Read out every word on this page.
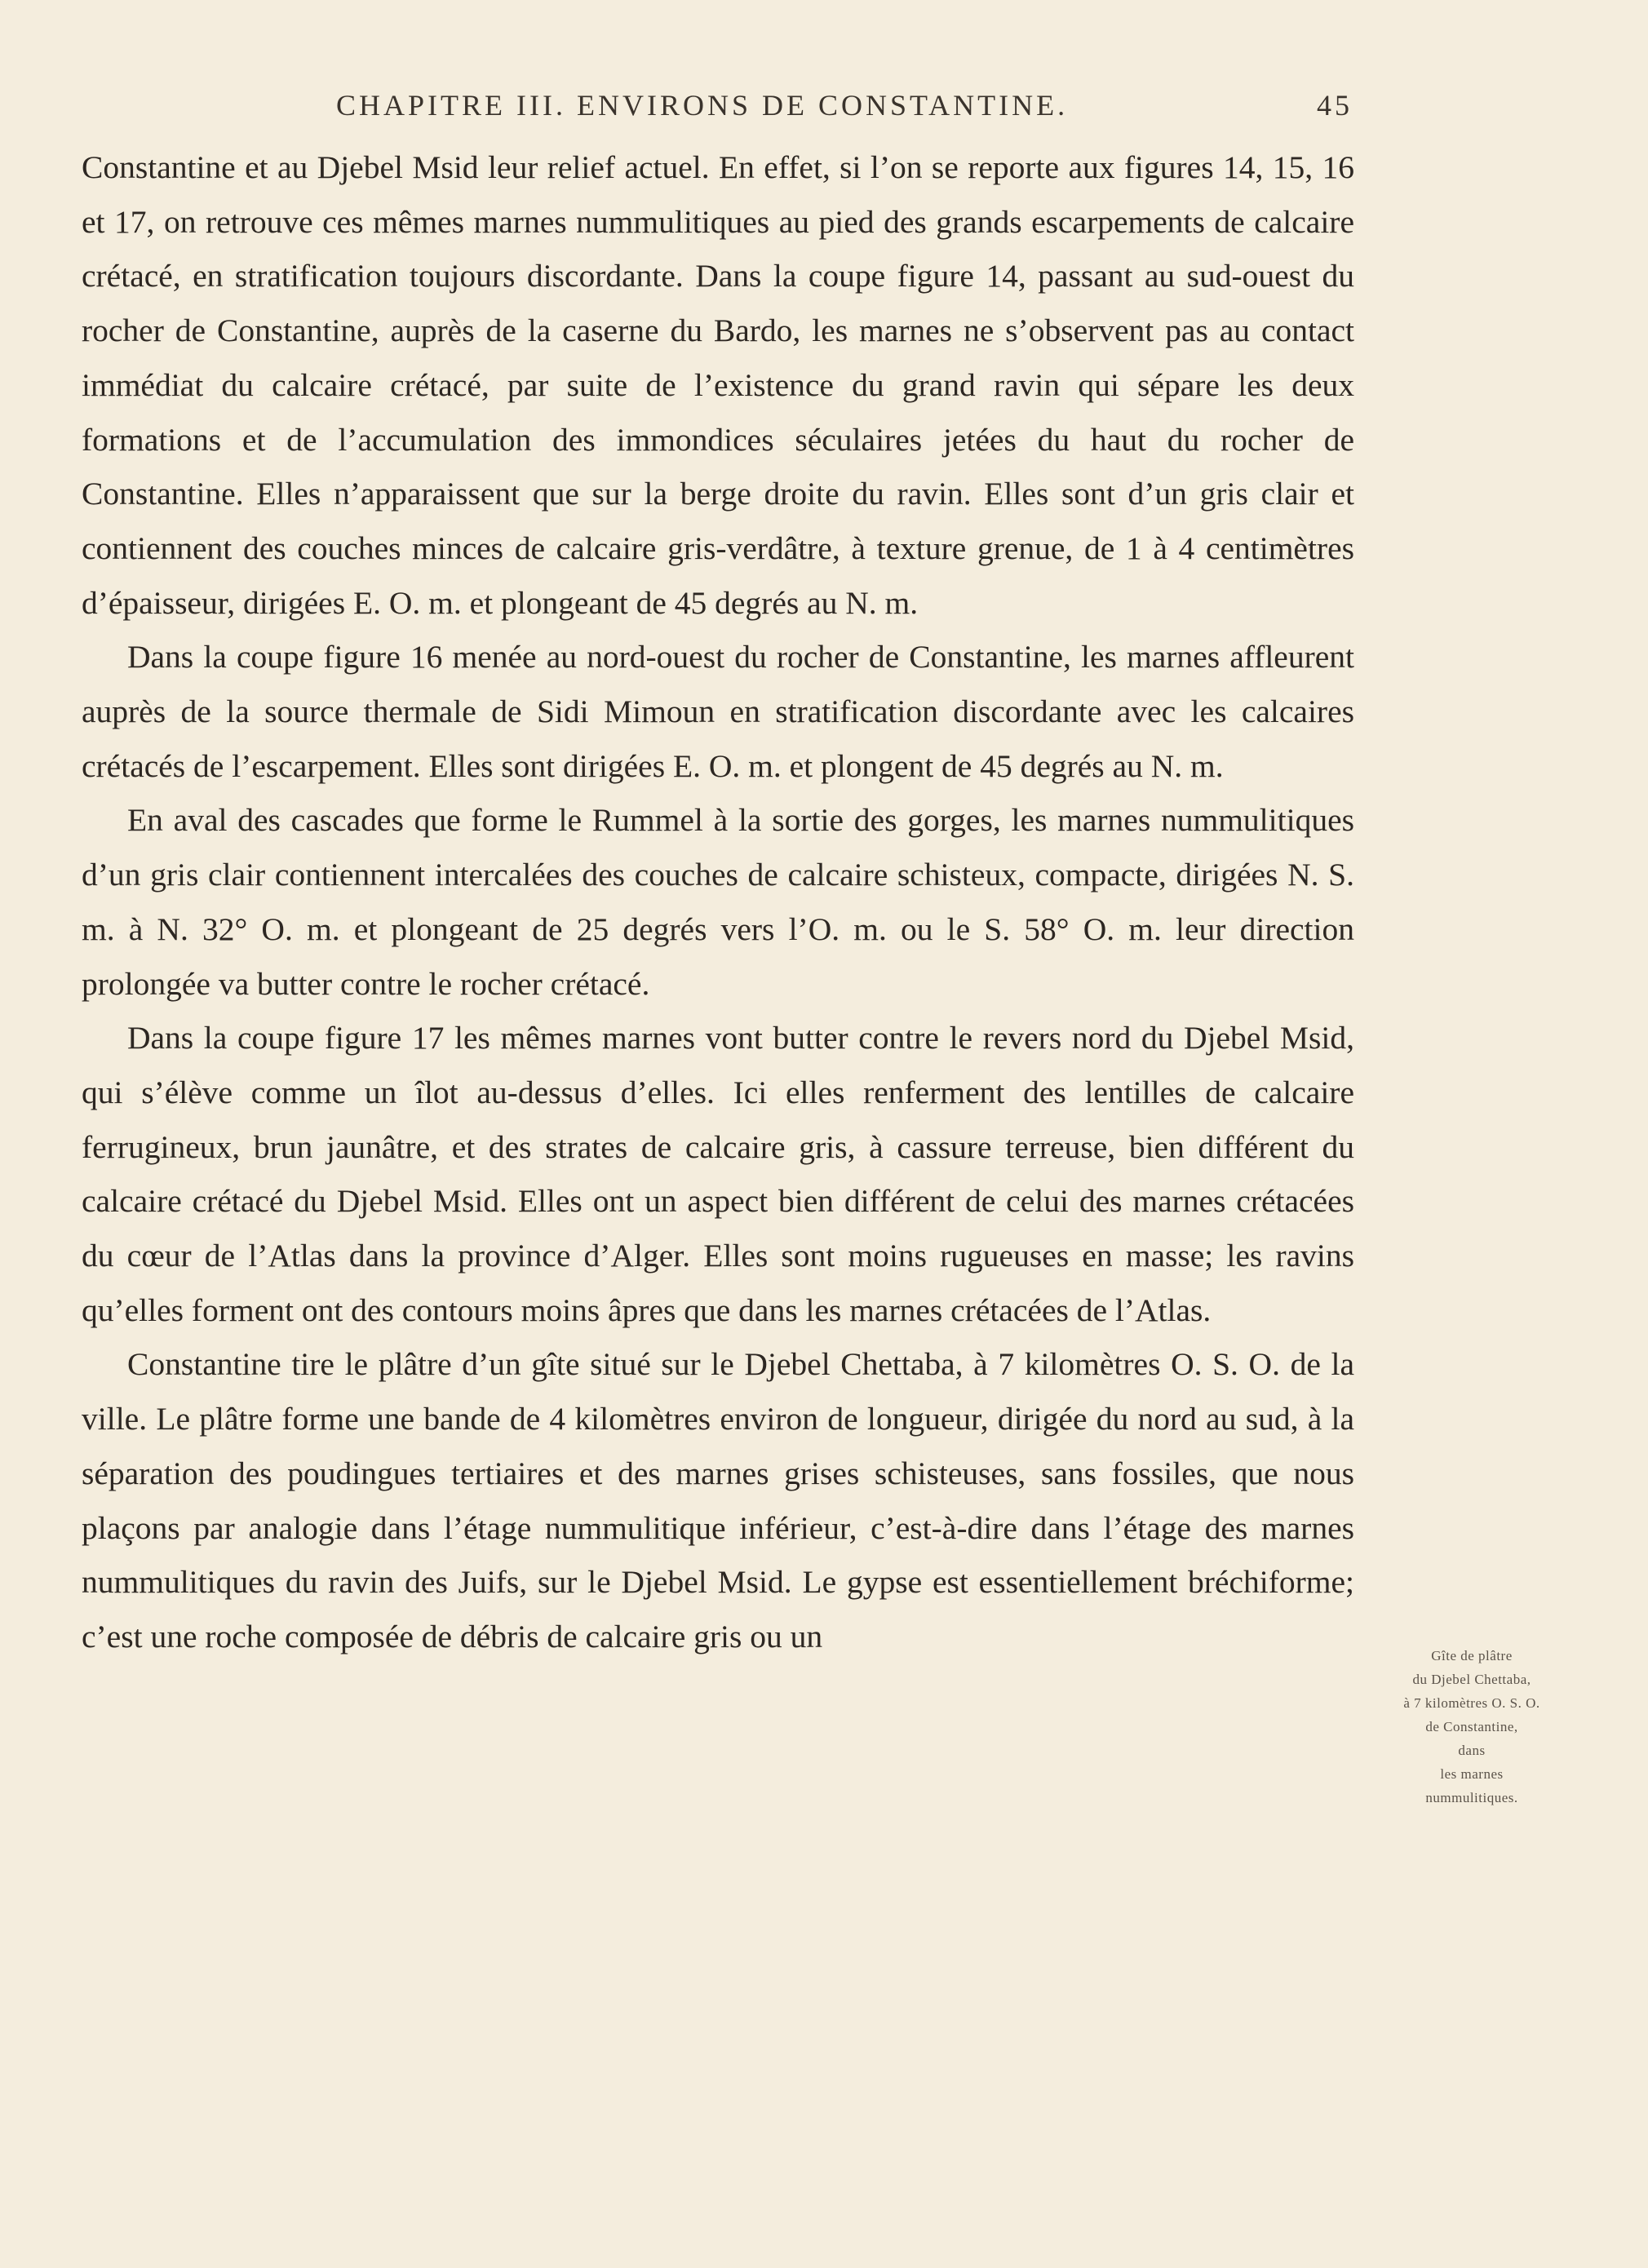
CHAPITRE III. ENVIRONS DE CONSTANTINE.	45

Constantine et au Djebel Msid leur relief actuel. En effet, si l’on se reporte aux figures 14, 15, 16 et 17, on retrouve ces mêmes marnes nummulitiques au pied des grands escarpements de calcaire crétacé, en stratification toujours discordante. Dans la coupe figure 14, passant au sud-ouest du rocher de Constantine, auprès de la caserne du Bardo, les marnes ne s’observent pas au contact immédiat du calcaire crétacé, par suite de l’existence du grand ravin qui sépare les deux formations et de l’accumulation des immondices séculaires jetées du haut du rocher de Constantine. Elles n’apparaissent que sur la berge droite du ravin. Elles sont d’un gris clair et contiennent des couches minces de calcaire gris-verdâtre, à texture grenue, de 1 à 4 centimètres d’épaisseur, dirigées E. O. m. et plongeant de 45 degrés au N. m.

Dans la coupe figure 16 menée au nord-ouest du rocher de Constantine, les marnes affleurent auprès de la source thermale de Sidi Mimoun en stratification discordante avec les calcaires crétacés de l’escarpement. Elles sont dirigées E. O. m. et plongent de 45 degrés au N. m.

En aval des cascades que forme le Rummel à la sortie des gorges, les marnes nummulitiques d’un gris clair contiennent intercalées des couches de calcaire schisteux, compacte, dirigées N. S. m. à N. 32° O. m. et plongeant de 25 degrés vers l’O. m. ou le S. 58° O. m. leur direction prolongée va butter contre le rocher crétacé.

Dans la coupe figure 17 les mêmes marnes vont butter contre le revers nord du Djebel Msid, qui s’élève comme un îlot au-dessus d’elles. Ici elles renferment des lentilles de calcaire ferrugineux, brun jaunâtre, et des strates de calcaire gris, à cassure terreuse, bien différent du calcaire crétacé du Djebel Msid. Elles ont un aspect bien différent de celui des marnes crétacées du cœur de l’Atlas dans la province d’Alger. Elles sont moins rugueuses en masse; les ravins qu’elles forment ont des contours moins âpres que dans les marnes crétacées de l’Atlas.

Constantine tire le plâtre d’un gîte situé sur le Djebel Chettaba, à 7 kilomètres O. S. O. de la ville. Le plâtre forme une bande de 4 kilomètres environ de longueur, dirigée du nord au sud, à la séparation des poudingues tertiaires et des marnes grises schisteuses, sans fossiles, que nous plaçons par analogie dans l’étage nummulitique inférieur, c’est-à-dire dans l’étage des marnes nummulitiques du ravin des Juifs, sur le Djebel Msid. Le gypse est essentiellement bréchiforme; c’est une roche composée de débris de calcaire gris ou un

Gîte de plâtre
du Djebel Chettaba,
à 7 kilomètres O. S. O.
de Constantine,
dans
les marnes
nummulitiques.
